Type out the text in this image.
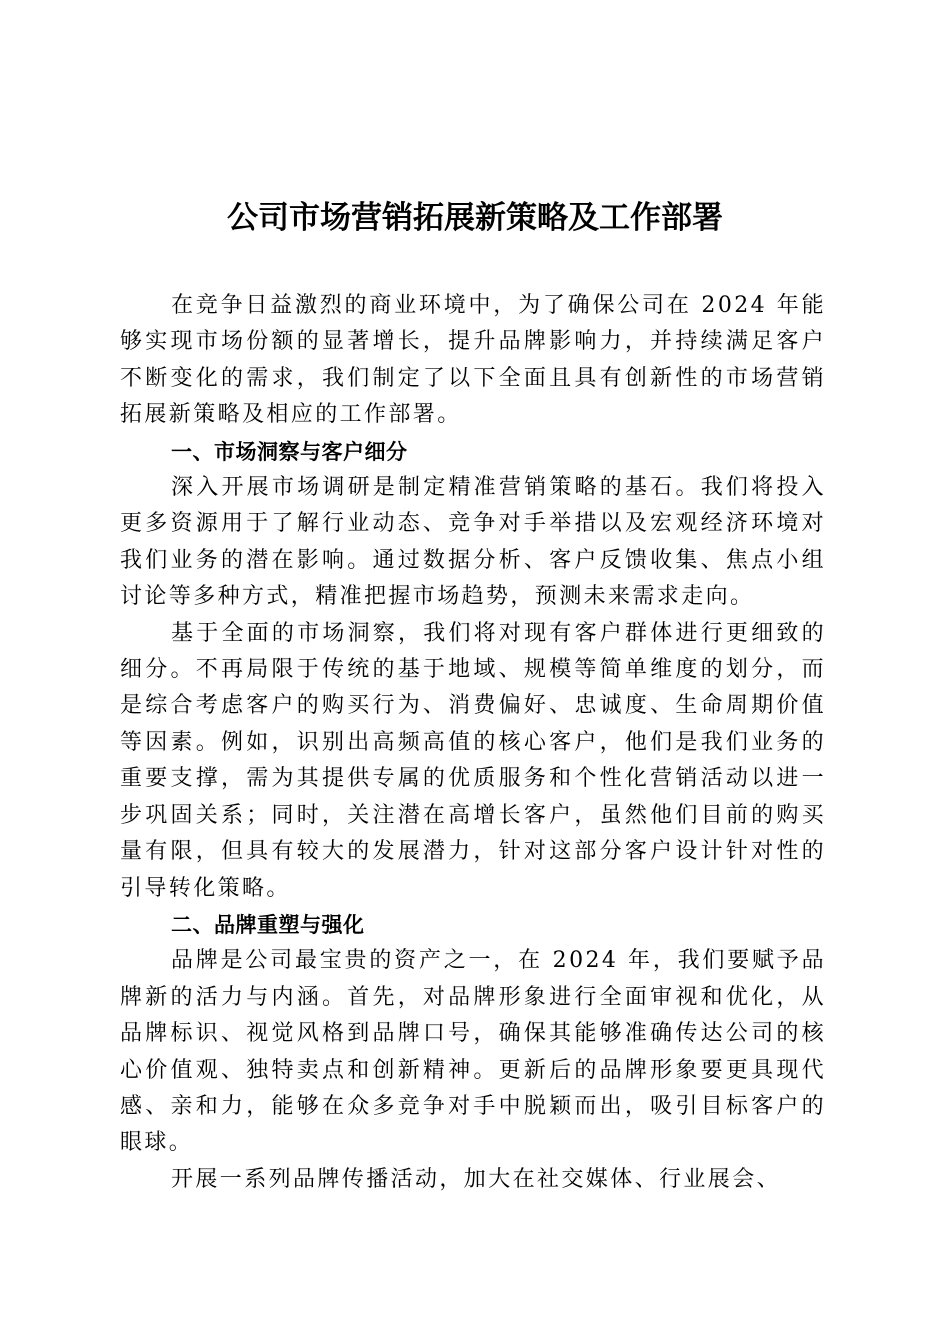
公司市场营销拓展新策略及工作部署

在竞争日益激烈的商业环境中，为了确保公司在 2024 年能够实现市场份额的显著增长，提升品牌影响力，并持续满足客户不断变化的需求，我们制定了以下全面且具有创新性的市场营销拓展新策略及相应的工作部署。

一、市场洞察与客户细分

深入开展市场调研是制定精准营销策略的基石。我们将投入更多资源用于了解行业动态、竞争对手举措以及宏观经济环境对我们业务的潜在影响。通过数据分析、客户反馈收集、焦点小组讨论等多种方式，精准把握市场趋势，预测未来需求走向。

基于全面的市场洞察，我们将对现有客户群体进行更细致的细分。不再局限于传统的基于地域、规模等简单维度的划分，而是综合考虑客户的购买行为、消费偏好、忠诚度、生命周期价值等因素。例如，识别出高频高值的核心客户，他们是我们业务的重要支撑，需为其提供专属的优质服务和个性化营销活动以进一步巩固关系；同时，关注潜在高增长客户，虽然他们目前的购买量有限，但具有较大的发展潜力，针对这部分客户设计针对性的引导转化策略。

二、品牌重塑与强化

品牌是公司最宝贵的资产之一，在 2024 年，我们要赋予品牌新的活力与内涵。首先，对品牌形象进行全面审视和优化，从品牌标识、视觉风格到品牌口号，确保其能够准确传达公司的核心价值观、独特卖点和创新精神。更新后的品牌形象要更具现代感、亲和力，能够在众多竞争对手中脱颖而出，吸引目标客户的眼球。

开展一系列品牌传播活动，加大在社交媒体、行业展会、
